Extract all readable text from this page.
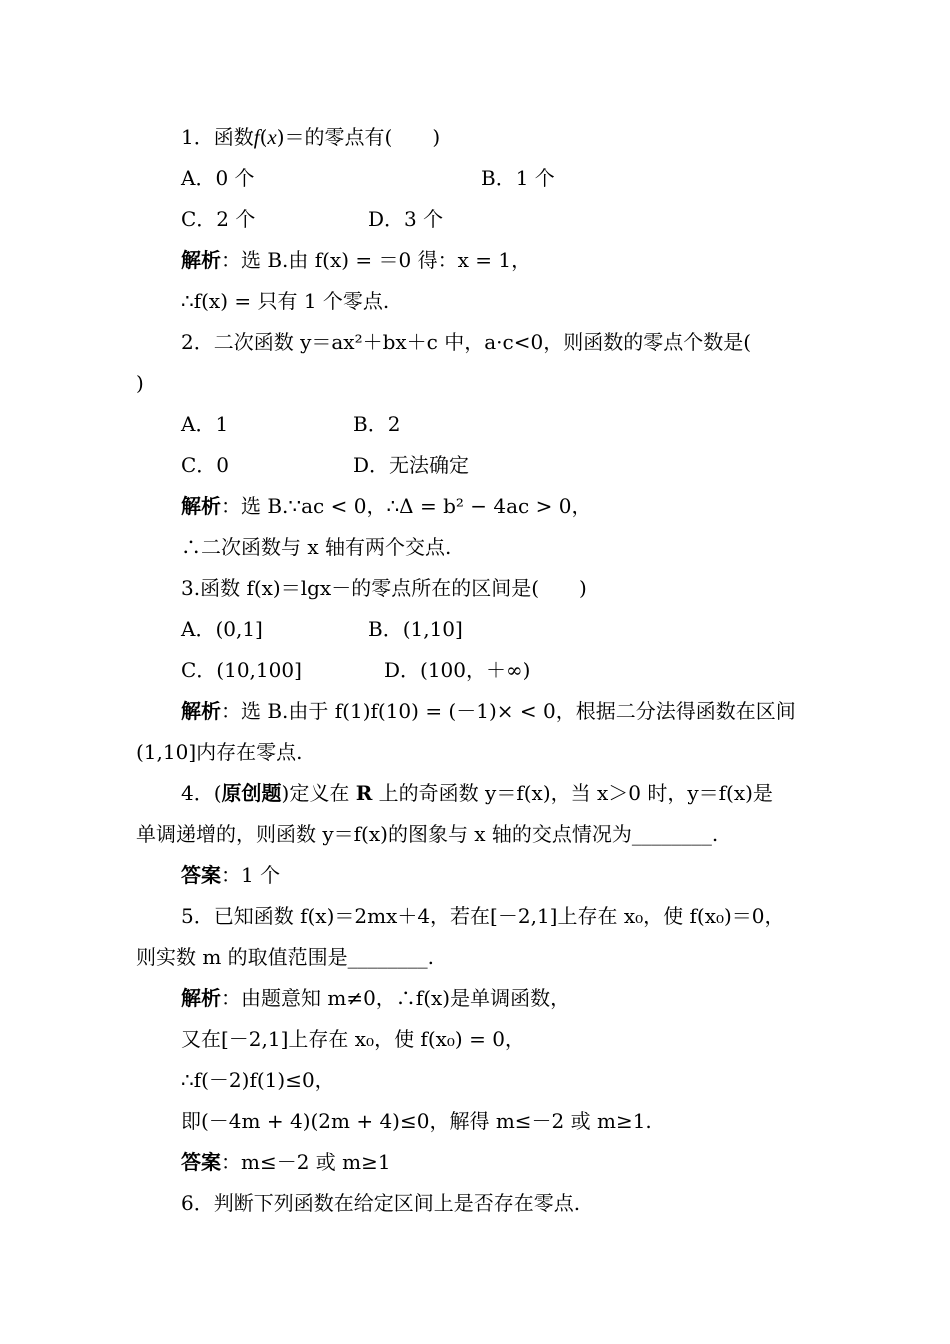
1．函数f(x)＝的零点有(　　)
A．0 个	B．1 个
C．2 个	D．3 个
解析：选 B.由 f(x) = ＝0 得：x = 1，
∴f(x) = 只有 1 个零点.
2．二次函数 y＝ax²＋bx＋c 中，a·c<0，则函数的零点个数是(
)
A．1	B．2
C．0	D．无法确定
解析：选 B.∵ac < 0，∴Δ = b² − 4ac > 0，
∴二次函数与 x 轴有两个交点.
3.函数 f(x)＝lgx－的零点所在的区间是(　　)
A．(0,1]	B．(1,10]
C．(10,100]	D．(100，＋∞)
解析：选 B.由于 f(1)f(10) = (－1)× < 0，根据二分法得函数在区间
(1,10]内存在零点.
4．(原创题)定义在 R 上的奇函数 y＝f(x)，当 x＞0 时，y＝f(x)是
单调递增的，则函数 y＝f(x)的图象与 x 轴的交点情况为________.
答案：1 个
5．已知函数 f(x)＝2mx＋4，若在[－2,1]上存在 x₀，使 f(x₀)＝0，
则实数 m 的取值范围是________.
解析：由题意知 m≠0，∴f(x)是单调函数，
又在[－2,1]上存在 x₀，使 f(x₀) = 0，
∴f(－2)f(1)≤0，
即(－4m + 4)(2m + 4)≤0，解得 m≤－2 或 m≥1.
答案：m≤－2 或 m≥1
6．判断下列函数在给定区间上是否存在零点.
